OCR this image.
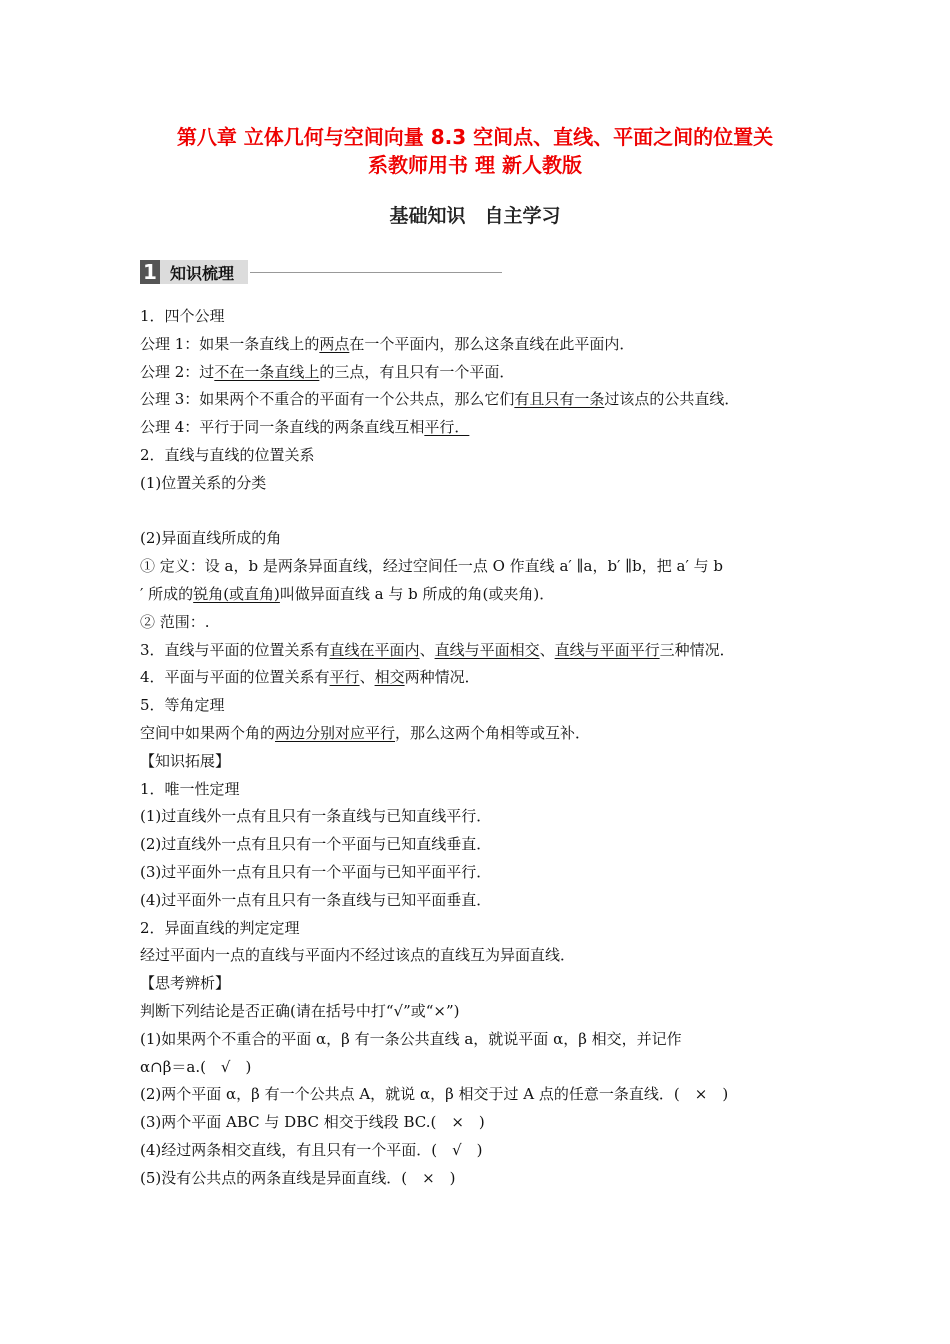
第八章 立体几何与空间向量 8.3 空间点、直线、平面之间的位置关
系教师用书 理 新人教版
基础知识　自主学习
1 知识梳理
1．四个公理
公理 1：如果一条直线上的两点在一个平面内，那么这条直线在此平面内．
公理 2：过不在一条直线上的三点，有且只有一个平面．
公理 3：如果两个不重合的平面有一个公共点，那么它们有且只有一条过该点的公共直线．
公理 4：平行于同一条直线的两条直线互相平行．
2．直线与直线的位置关系
(1)位置关系的分类
(2)异面直线所成的角
① 定义：设 a，b 是两条异面直线，经过空间任一点 O 作直线 a′ ∥a，b′ ∥b，把 a′ 与 b
′ 所成的锐角(或直角)叫做异面直线 a 与 b 所成的角(或夹角)．
② 范围：.
3．直线与平面的位置关系有直线在平面内、直线与平面相交、直线与平面平行三种情况．
4．平面与平面的位置关系有平行、相交两种情况．
5．等角定理
空间中如果两个角的两边分别对应平行，那么这两个角相等或互补．
【知识拓展】
1．唯一性定理
(1)过直线外一点有且只有一条直线与已知直线平行．
(2)过直线外一点有且只有一个平面与已知直线垂直．
(3)过平面外一点有且只有一个平面与已知平面平行．
(4)过平面外一点有且只有一条直线与已知平面垂直．
2．异面直线的判定定理
经过平面内一点的直线与平面内不经过该点的直线互为异面直线．
【思考辨析】
判断下列结论是否正确(请在括号中打“√”或“×”)
(1)如果两个不重合的平面 α，β 有一条公共直线 a，就说平面 α，β 相交，并记作
α∩β＝a.(　√　)
(2)两个平面 α，β 有一个公共点 A，就说 α，β 相交于过 A 点的任意一条直线．(　×　)
(3)两个平面 ABC 与 DBC 相交于线段 BC.(　×　)
(4)经过两条相交直线，有且只有一个平面．(　√　)
(5)没有公共点的两条直线是异面直线．(　×　)
